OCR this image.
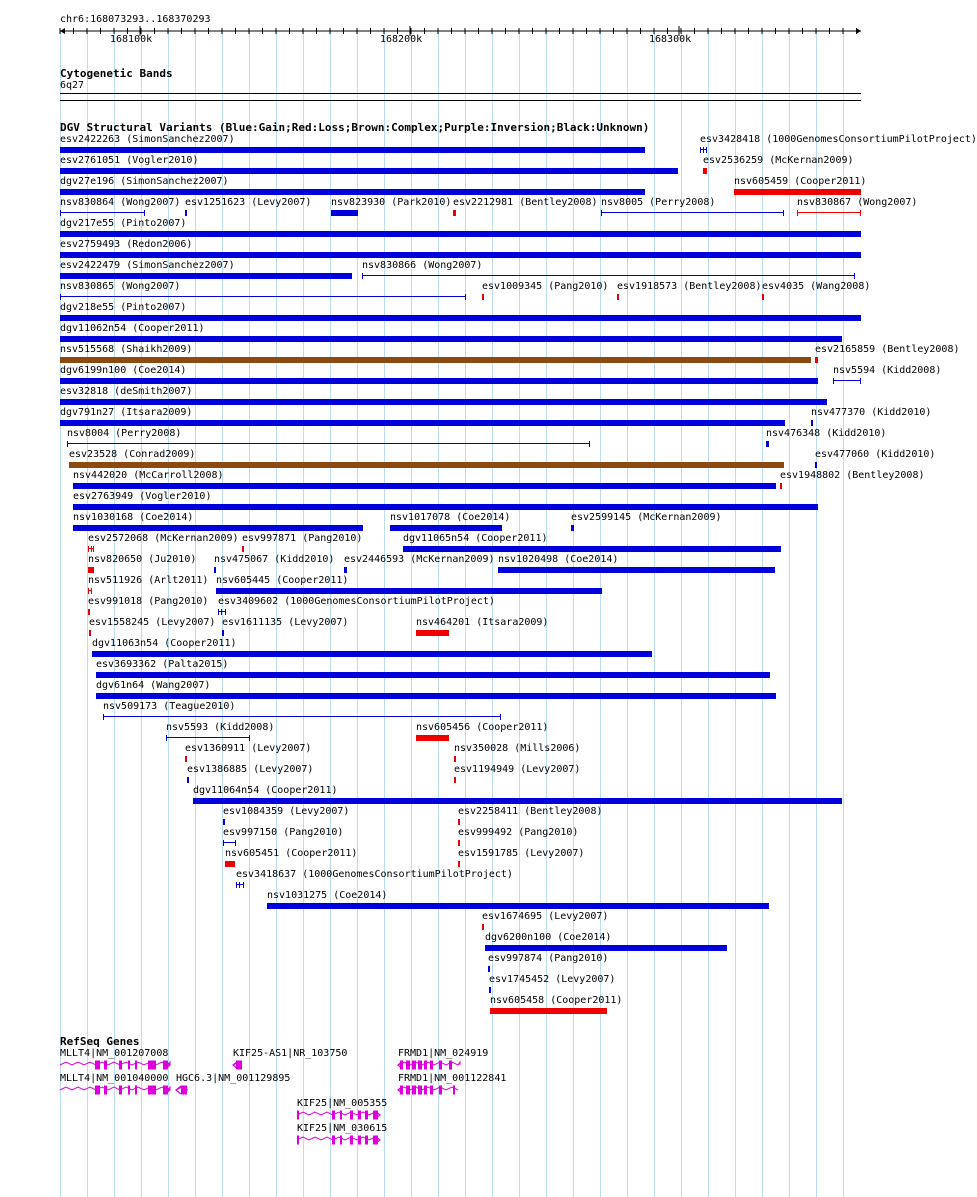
chr6:168073293..168370293
168100k	168200k	168300k
Cytogenetic Bands
6q27
DGV Structural Variants (Blue:Gain;Red:Loss;Brown:Complex;Purple:Inversion;Black:Unknown)
esv2422263 (SimonSanchez2007)	esv3428418 (1000GenomesConsortiumPilotProject)
esv2761051 (Vogler2010)	esv2536259 (McKernan2009)
dgv27e196 (SimonSanchez2007)	nsv605459 (Cooper2011)
nsv830864 (Wong2007) esv1251623 (Levy2007) nsv823930 (Park2010) esv2212981 (Bentley2008) nsv8005 (Perry2008)	nsv830867 (Wong2007)
dgv217e55 (Pinto2007)
esv2759493 (Redon2006)
esv2422479 (SimonSanchez2007)	nsv830866 (Wong2007)
nsv830865 (Wong2007)	esv1009345 (Pang2010) esv1918573 (Bentley2008) esv4035 (Wang2008)
dgv218e55 (Pinto2007)
dgv11062n54 (Cooper2011)
nsv515568 (Shaikh2009)	esv2165859 (Bentley2008)
dgv6199n100 (Coe2014)	nsv5594 (Kidd2008)
esv32818 (deSmith2007)
dgv791n27 (Itsara2009)	nsv477370 (Kidd2010)
nsv8004 (Perry2008)	nsv476348 (Kidd2010)
esv23528 (Conrad2009)	esv477060 (Kidd2010)
nsv442020 (McCarroll2008)	esv1948802 (Bentley2008)
esv2763949 (Vogler2010)
nsv1030168 (Coe2014)	nsv1017078 (Coe2014)	esv2599145 (McKernan2009)
esv2572068 (McKernan2009) esv997871 (Pang2010)	dgv11065n54 (Cooper2011)
nsv820650 (Ju2010) nsv475067 (Kidd2010) esv2446593 (McKernan2009) nsv1020498 (Coe2014)
nsv511926 (Arlt2011) nsv605445 (Cooper2011)
esv991018 (Pang2010) esv3409602 (1000GenomesConsortiumPilotProject)
esv1558245 (Levy2007) esv1611135 (Levy2007)	nsv464201 (Itsara2009)
dgv11063n54 (Cooper2011)
esv3693362 (Palta2015)
dgv61n64 (Wang2007)
nsv509173 (Teague2010)
nsv5593 (Kidd2008)	nsv605456 (Cooper2011)
esv1360911 (Levy2007)	nsv350028 (Mills2006)
esv1386885 (Levy2007)	esv1194949 (Levy2007)
dgv11064n54 (Cooper2011)
esv1084359 (Levy2007)	esv2258411 (Bentley2008)
esv997150 (Pang2010)	esv999492 (Pang2010)
nsv605451 (Cooper2011)	esv1591785 (Levy2007)
esv3418637 (1000GenomesConsortiumPilotProject)
nsv1031275 (Coe2014)
esv1674695 (Levy2007)
dgv6200n100 (Coe2014)
esv997874 (Pang2010)
esv1745452 (Levy2007)
nsv605458 (Cooper2011)
RefSeq Genes
MLLT4|NM_001207008	KIF25-AS1|NR_103750	FRMD1|NM_024919
MLLT4|NM_001040000 HGC6.3|NM_001129895	FRMD1|NM_001122841
KIF25|NM_005355
KIF25|NM_030615
